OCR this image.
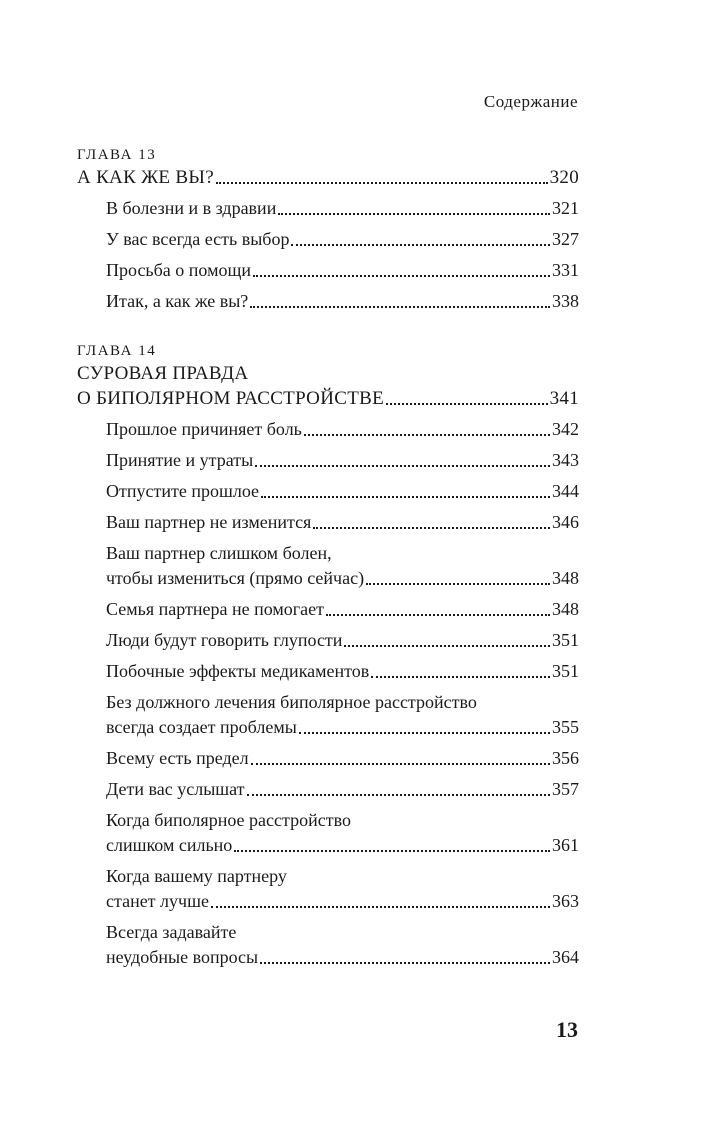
Содержание
ГЛАВА 13
А КАК ЖЕ ВЫ?	320
В болезни и в здравии	321
У вас всегда есть выбор	327
Просьба о помощи	331
Итак, а как же вы?	338
ГЛАВА 14
СУРОВАЯ ПРАВДА
О БИПОЛЯРНОМ РАССТРОЙСТВЕ	341
Прошлое причиняет боль	342
Принятие и утраты	343
Отпустите прошлое	344
Ваш партнер не изменится	346
Ваш партнер слишком болен,
чтобы измениться (прямо сейчас)	348
Семья партнера не помогает	348
Люди будут говорить глупости	351
Побочные эффекты медикаментов	351
Без должного лечения биполярное расстройство
всегда создает проблемы	355
Всему есть предел	356
Дети вас услышат	357
Когда биполярное расстройство
слишком сильно	361
Когда вашему партнеру
станет лучше	363
Всегда задавайте
неудобные вопросы	364
13
